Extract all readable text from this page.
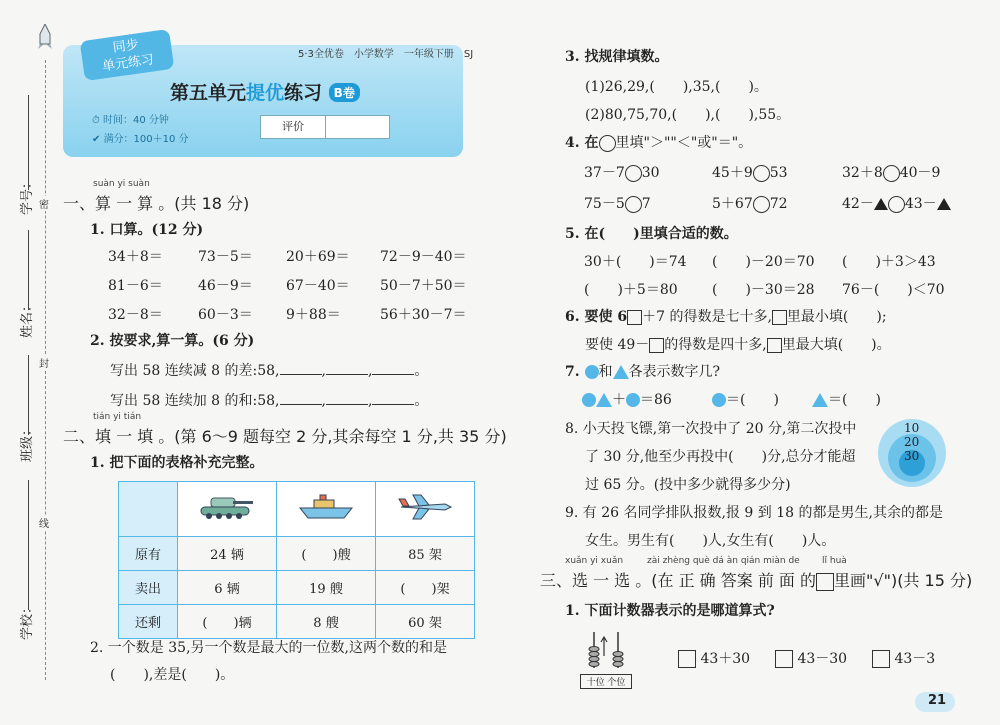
学号：
姓名：
班级：
学校：
密
封
线
同步
单元练习
✈
5·3全优卷　小学数学　一年级下册　SJ
第五单元提优练习 B卷
⏱ 时间：40 分钟
✔ 满分：100＋10 分
评价
suàn yi suàn
一、算 一 算 。(共 18 分)
1. 口算。(12 分)
2. 按要求,算一算。(6 分)
写出 58 连续减 8 的差:58,	,	,	。
写出 58 连续加 8 的和:58,	,	,	。
tián yi tián
二、填 一 填 。(第 6～9 题每空 2 分,其余每空 1 分,共 35 分)
1. 把下面的表格补充完整。

原有	24 辆	(　　)艘	85 架
卖出	6 辆	19 艘	(　　)架
还剩	(　　)辆	8 艘	60 架
2. 一个数是 35,另一个数是最大的一位数,这两个数的和是
(　　),差是(　　)。
3. 找规律填数。
(1)26,29,(　　),35,(　　)。
(2)80,75,70,(　　),(　　),55。
4. 在 里填"＞""＜"或"＝"。
5. 在(　　)里填合适的数。
6. 要使 6 ＋7 的得数是七十多, 里最小填(　　);
要使 49－ 的得数是四十多, 里最大填(　　)。
7. 和 各表示数字几?
＋ ＝86	＝(　　)	＝(　　)
8. 小天投飞镖,第一次投中了 20 分,第二次投中
了 30 分,他至少再投中(　　)分,总分才能超
过 65 分。(投中多少就得多少分)
10
20
30
9. 有 26 名同学排队报数,报 9 到 18 的都是男生,其余的都是
女生。男生有(　　)人,女生有(　　)人。
xuǎn yi xuǎn	zài zhèng què dá àn qián miàn de lǐ huà
三、选 一 选 。(在 正 确 答案 前 面 的 里画"√")(共 15 分)
1. 下面计数器表示的是哪道算式?
十位 个位
43＋30	43－30	43－3
21
34＋8＝	73－5＝ 20＋69＝ 72－9－40＝
81－6＝	46－9＝ 67－40＝ 50－7＋50＝
32－8＝	60－3＝ 9＋88＝	56＋30－7＝
37－7 30	45＋9 53	32＋8 40－9
75－5 7	5＋67 72	42－ 43－
30＋(　　)＝74 (　　)－20＝70 (　　)＋3＞43
(　　)＋5＝80 (　　)－30＝28 76－(　　)＜70
